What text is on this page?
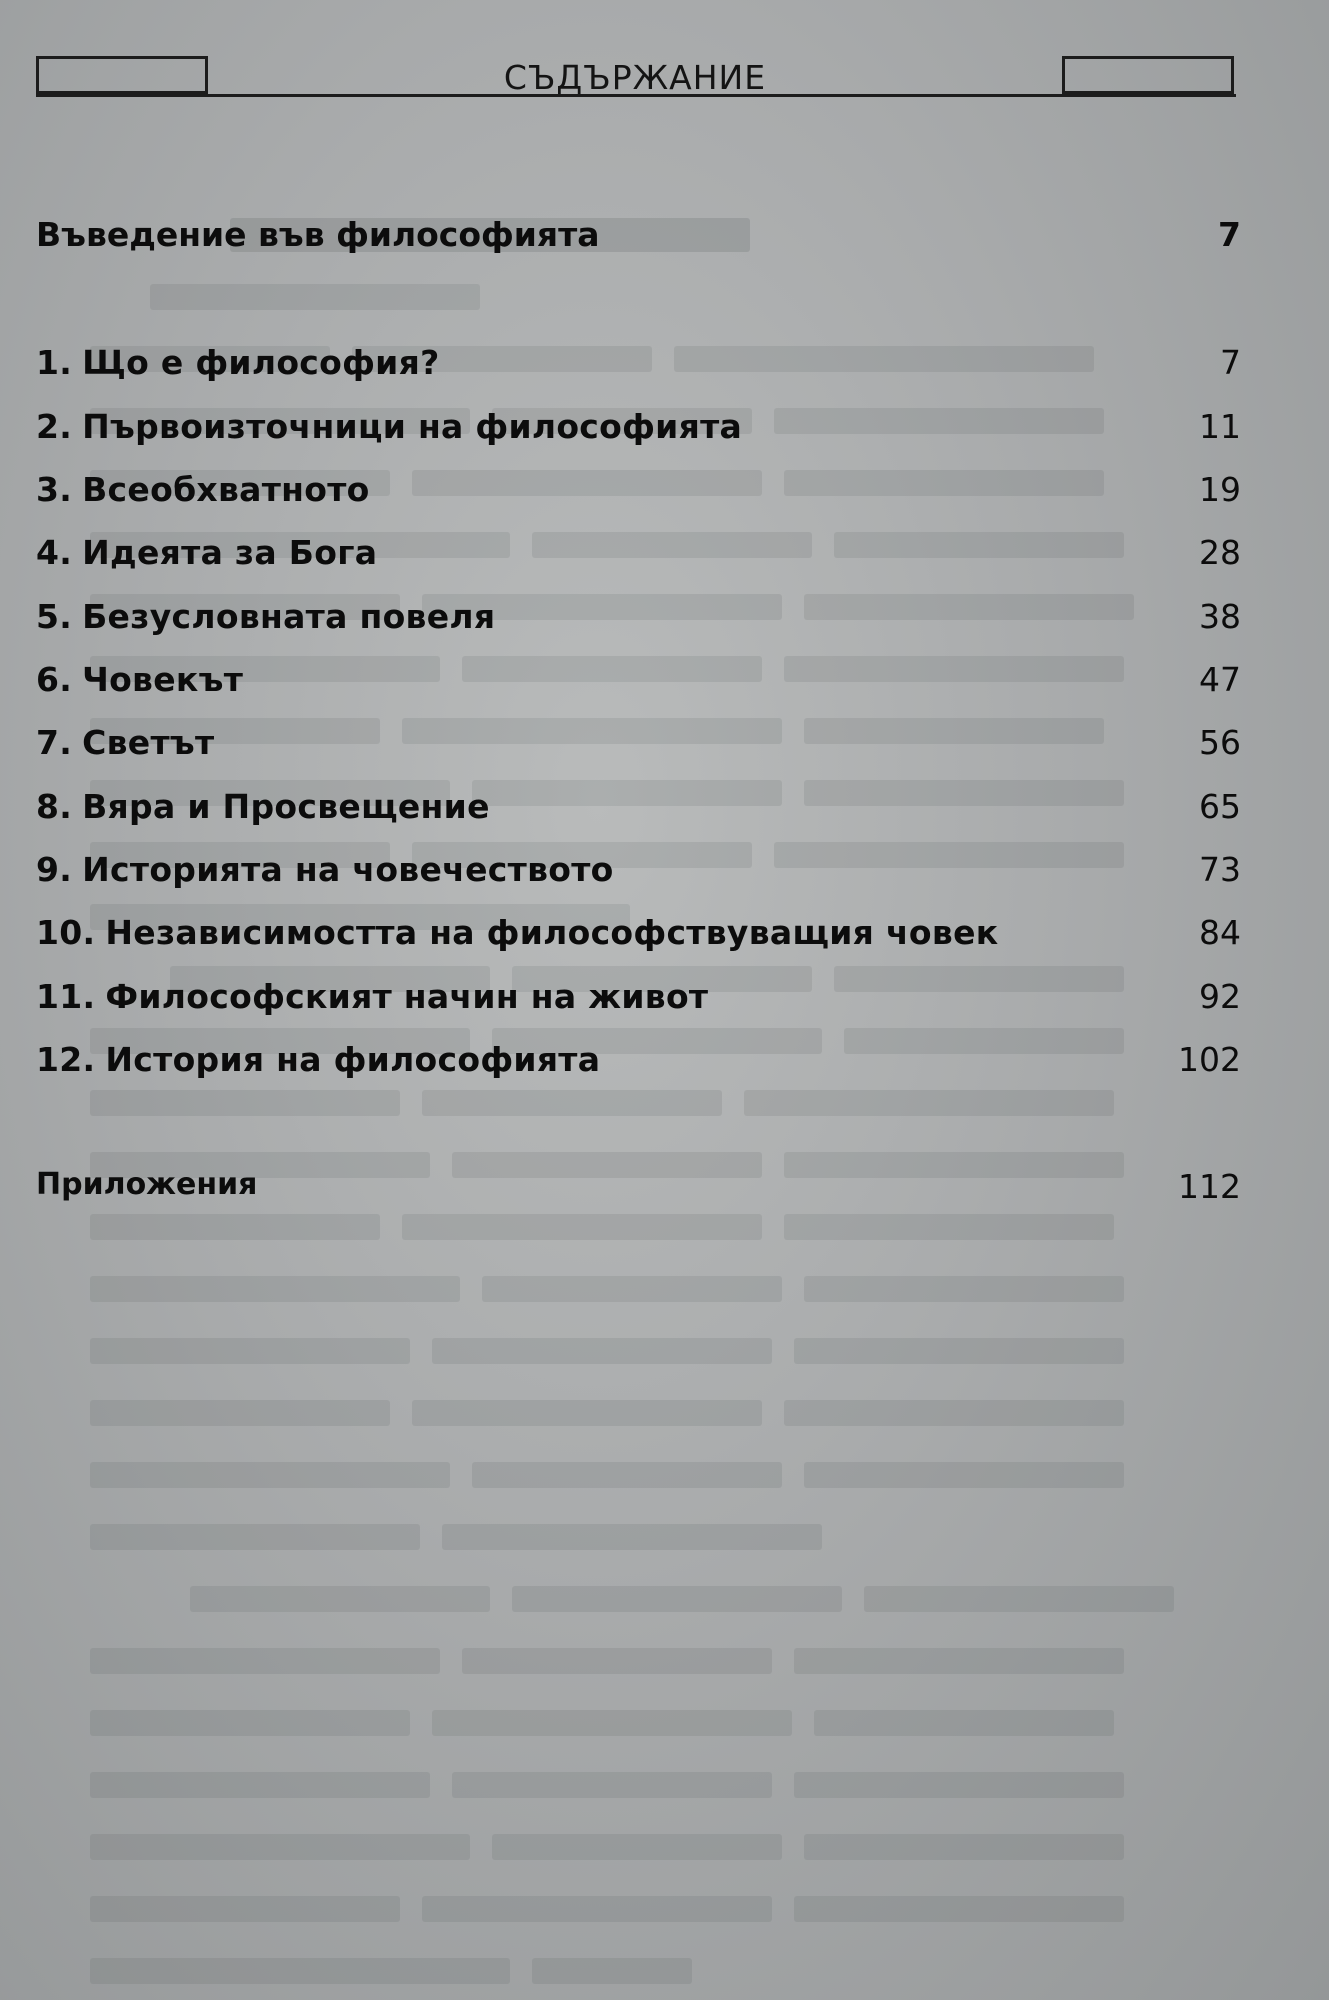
СЪДЪРЖАНИЕ
Въведение във философията	7
1. Що е философия?	7
2. Първоизточници на философията	11
3. Всеобхватното	19
4. Идеята за Бога	28
5. Безусловната повеля	38
6. Човекът	47
7. Светът	56
8. Вяра и Просвещение	65
9. Историята на човечеството	73
10. Независимостта на философствуващия човек	84
11. Философският начин на живот	92
12. История на философията	102
Приложения	112
